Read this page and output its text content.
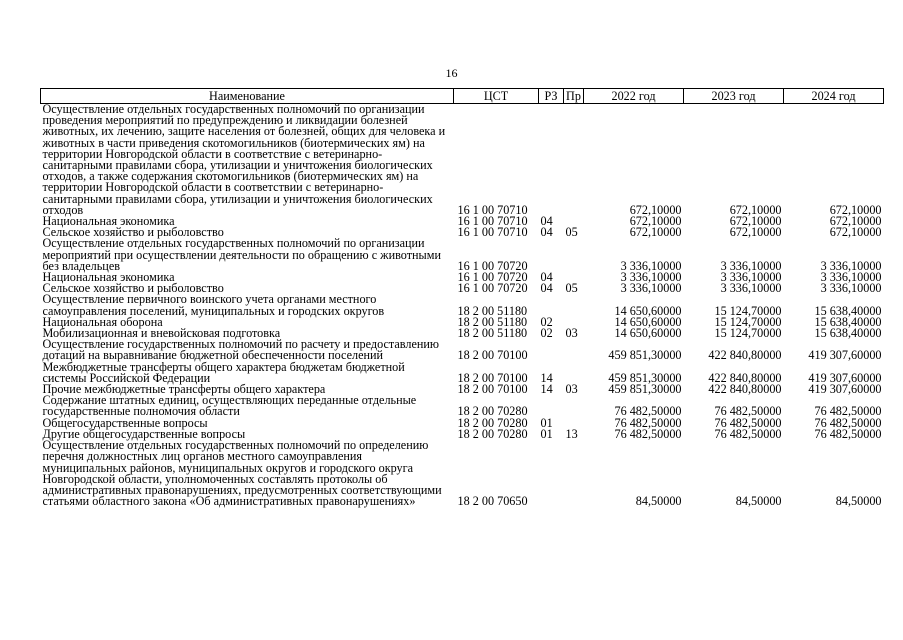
16
Наименование	ЦСТ	РЗ	Пр	2022 год	2023 год	2024 год
Осуществление отдельных государственных полномочий по организации проведения мероприятий по предупреждению и ликвидации болезней животных, их лечению, защите населения от болезней, общих для человека и животных в части приведения скотомогильников (биотермических ям) на территории Новгородской области в соответствие с ветеринарно-санитарными правилами сбора, утилизации и уничтожения биологических отходов, а также содержания скотомогильников (биотермических ям) на территории Новгородской области в соответствии с ветеринарно-санитарными правилами сбора, утилизации и уничтожения биологических отходов	16 1 00 70710			672,10000	672,10000	672,10000
Национальная экономика	16 1 00 70710	04		672,10000	672,10000	672,10000
Сельское хозяйство и рыболовство	16 1 00 70710	04	05	672,10000	672,10000	672,10000
Осуществление отдельных государственных полномочий по организации мероприятий при осуществлении деятельности по обращению с животными без владельцев	16 1 00 70720			3 336,10000	3 336,10000	3 336,10000
Национальная экономика	16 1 00 70720	04		3 336,10000	3 336,10000	3 336,10000
Сельское хозяйство и рыболовство	16 1 00 70720	04	05	3 336,10000	3 336,10000	3 336,10000
Осуществление первичного воинского учета органами местного самоуправления поселений, муниципальных и городских округов	18 2 00 51180			14 650,60000	15 124,70000	15 638,40000
Национальная оборона	18 2 00 51180	02		14 650,60000	15 124,70000	15 638,40000
Мобилизационная и вневойсковая подготовка	18 2 00 51180	02	03	14 650,60000	15 124,70000	15 638,40000
Осуществление государственных полномочий по расчету и предоставлению дотаций на выравнивание бюджетной обеспеченности поселений	18 2 00 70100			459 851,30000	422 840,80000	419 307,60000
Межбюджетные трансферты общего характера бюджетам бюджетной системы Российской Федерации	18 2 00 70100	14		459 851,30000	422 840,80000	419 307,60000
Прочие межбюджетные трансферты общего характера	18 2 00 70100	14	03	459 851,30000	422 840,80000	419 307,60000
Содержание штатных единиц, осуществляющих переданные отдельные государственные полномочия области	18 2 00 70280			76 482,50000	76 482,50000	76 482,50000
Общегосударственные вопросы	18 2 00 70280	01		76 482,50000	76 482,50000	76 482,50000
Другие общегосударственные вопросы	18 2 00 70280	01	13	76 482,50000	76 482,50000	76 482,50000
Осуществление отдельных государственных полномочий по определению перечня должностных лиц органов местного самоуправления муниципальных районов, муниципальных округов и городского округа Новгородской области, уполномоченных составлять протоколы об административных правонарушениях, предусмотренных соответствующими статьями областного закона «Об административных правонарушениях»	18 2 00 70650			84,50000	84,50000	84,50000
